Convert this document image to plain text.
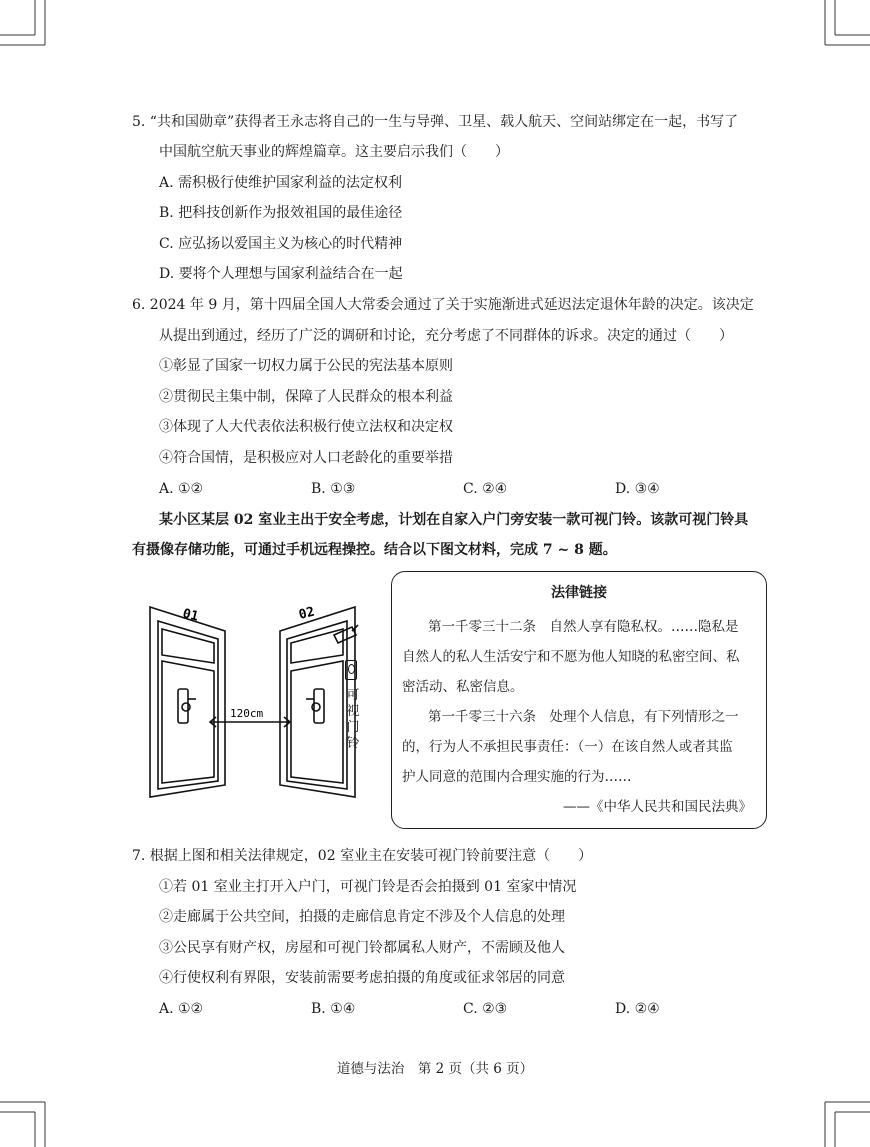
5. “共和国勋章”获得者王永志将自己的一生与导弹、卫星、载人航天、空间站绑定在一起，书写了
中国航空航天事业的辉煌篇章。这主要启示我们（　　）
A. 需积极行使维护国家利益的法定权利
B. 把科技创新作为报效祖国的最佳途径
C. 应弘扬以爱国主义为核心的时代精神
D. 要将个人理想与国家利益结合在一起
6. 2024 年 9 月，第十四届全国人大常委会通过了关于实施渐进式延迟法定退休年龄的决定。该决定
从提出到通过，经历了广泛的调研和讨论，充分考虑了不同群体的诉求。决定的通过（　　）
①彰显了国家一切权力属于公民的宪法基本原则
②贯彻民主集中制，保障了人民群众的根本利益
③体现了人大代表依法积极行使立法权和决定权
④符合国情，是积极应对人口老龄化的重要举措
A. ①②	B. ①③	C. ②④	D. ③④
某小区某层 02 室业主出于安全考虑，计划在自家入户门旁安装一款可视门铃。该款可视门铃具
有摄像存储功能，可通过手机远程操控。结合以下图文材料，完成 7 ~ 8 题。
01	02
120cm
可
视
门
铃
法律链接
第一千零三十二条　自然人享有隐私权。……隐私是
自然人的私人生活安宁和不愿为他人知晓的私密空间、私
密活动、私密信息。
第一千零三十六条　处理个人信息，有下列情形之一
的，行为人不承担民事责任：（一）在该自然人或者其监
护人同意的范围内合理实施的行为……
——《中华人民共和国民法典》
7. 根据上图和相关法律规定，02 室业主在安装可视门铃前要注意（　　）
①若 01 室业主打开入户门，可视门铃是否会拍摄到 01 室家中情况
②走廊属于公共空间，拍摄的走廊信息肯定不涉及个人信息的处理
③公民享有财产权，房屋和可视门铃都属私人财产，不需顾及他人
④行使权利有界限，安装前需要考虑拍摄的角度或征求邻居的同意
A. ①②	B. ①④	C. ②③	D. ②④
道德与法治　第 2 页（共 6 页）
